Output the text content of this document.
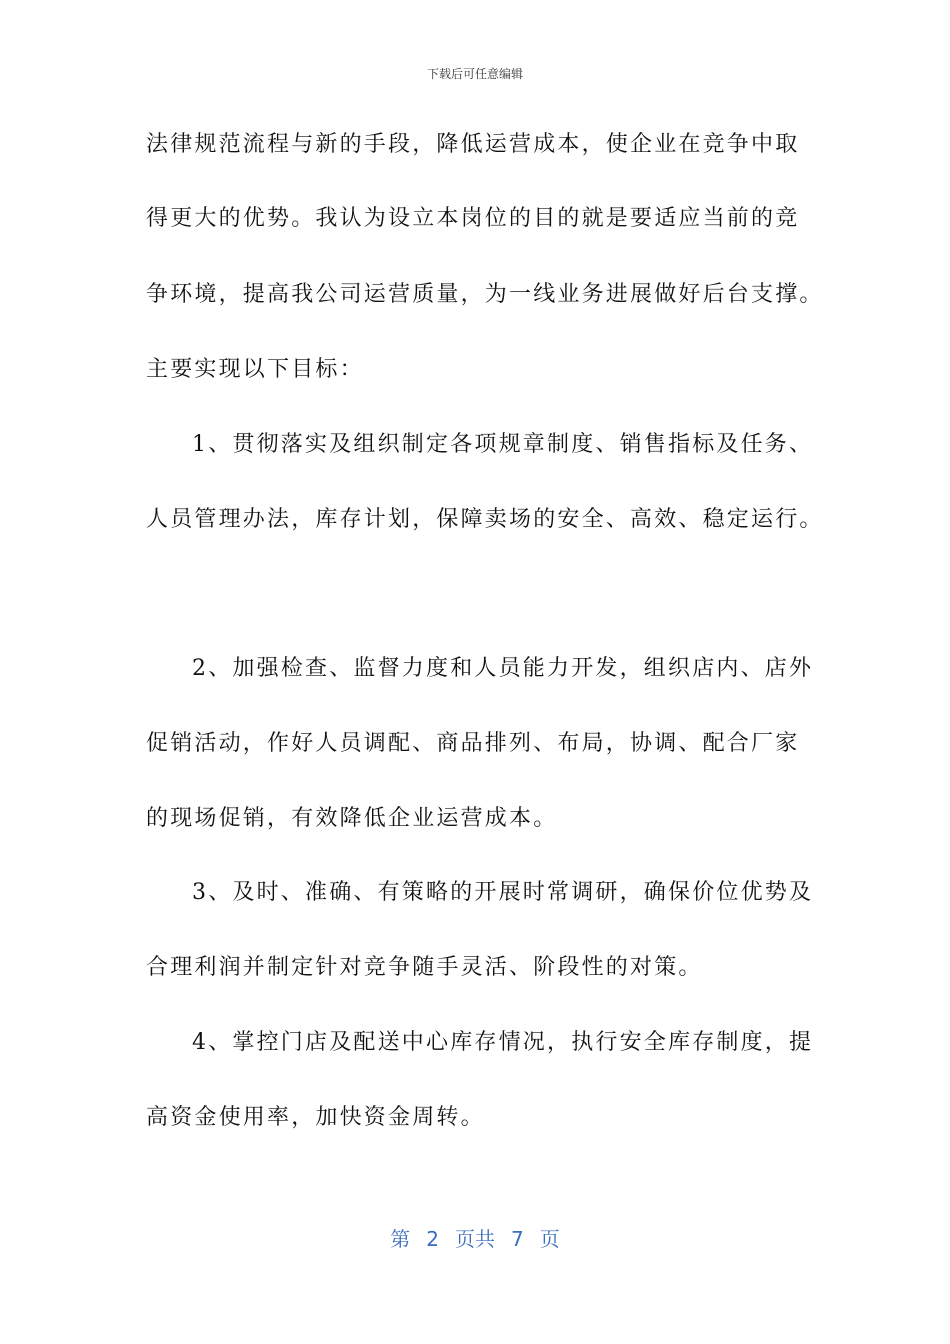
下载后可任意编辑
法律规范流程与新的手段，降低运营成本，使企业在竞争中取
得更大的优势。我认为设立本岗位的目的就是要适应当前的竞
争环境，提高我公司运营质量，为一线业务进展做好后台支撑。
主要实现以下目标：
1、贯彻落实及组织制定各项规章制度、销售指标及任务、
人员管理办法，库存计划，保障卖场的安全、高效、稳定运行。
2、加强检查、监督力度和人员能力开发，组织店内、店外
促销活动，作好人员调配、商品排列、布局，协调、配合厂家
的现场促销，有效降低企业运营成本。
3、及时、准确、有策略的开展时常调研，确保价位优势及
合理利润并制定针对竞争随手灵活、阶段性的对策。
4、掌控门店及配送中心库存情况，执行安全库存制度，提
高资金使用率，加快资金周转。
第 2 页共 7 页
